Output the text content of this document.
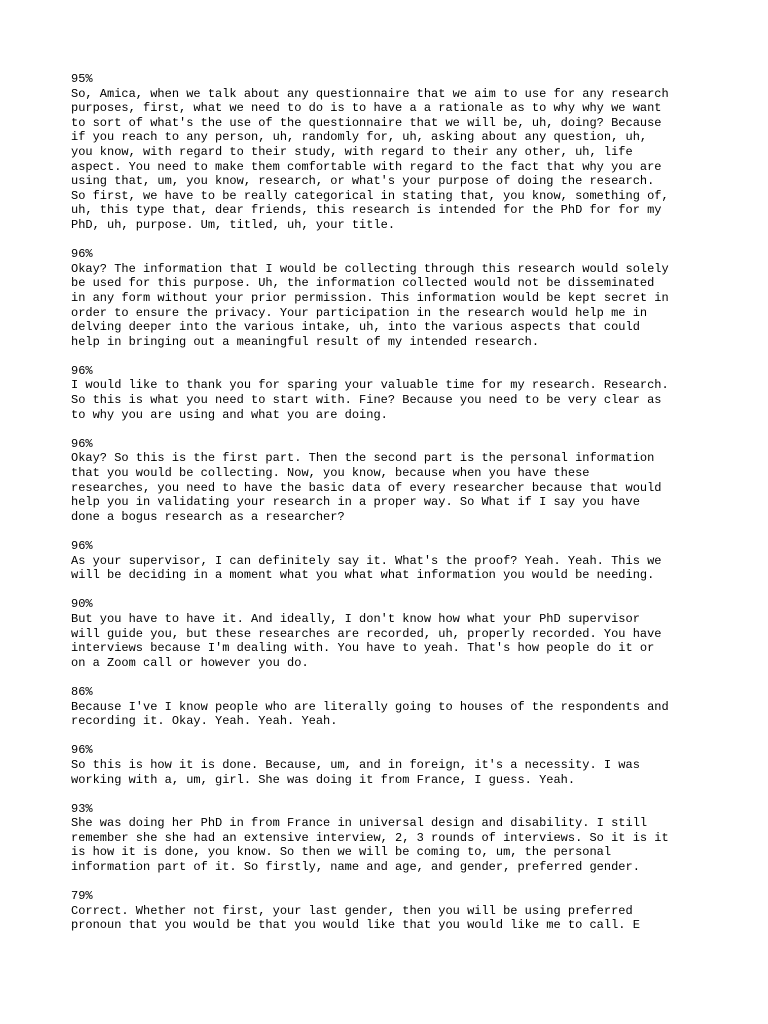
95%
So, Amica, when we talk about any questionnaire that we aim to use for any research
purposes, first, what we need to do is to have a a rationale as to why why we want
to sort of what's the use of the questionnaire that we will be, uh, doing? Because
if you reach to any person, uh, randomly for, uh, asking about any question, uh,
you know, with regard to their study, with regard to their any other, uh, life
aspect. You need to make them comfortable with regard to the fact that why you are
using that, um, you know, research, or what's your purpose of doing the research.
So first, we have to be really categorical in stating that, you know, something of,
uh, this type that, dear friends, this research is intended for the PhD for for my
PhD, uh, purpose. Um, titled, uh, your title.
96%
Okay? The information that I would be collecting through this research would solely
be used for this purpose. Uh, the information collected would not be disseminated
in any form without your prior permission. This information would be kept secret in
order to ensure the privacy. Your participation in the research would help me in
delving deeper into the various intake, uh, into the various aspects that could
help in bringing out a meaningful result of my intended research.
96%
I would like to thank you for sparing your valuable time for my research. Research.
So this is what you need to start with. Fine? Because you need to be very clear as
to why you are using and what you are doing.
96%
Okay? So this is the first part. Then the second part is the personal information
that you would be collecting. Now, you know, because when you have these
researches, you need to have the basic data of every researcher because that would
help you in validating your research in a proper way. So What if I say you have
done a bogus research as a researcher?
96%
As your supervisor, I can definitely say it. What's the proof? Yeah. Yeah. This we
will be deciding in a moment what you what what information you would be needing.
90%
But you have to have it. And ideally, I don't know how what your PhD supervisor
will guide you, but these researches are recorded, uh, properly recorded. You have
interviews because I'm dealing with. You have to yeah. That's how people do it or
on a Zoom call or however you do.
86%
Because I've I know people who are literally going to houses of the respondents and
recording it. Okay. Yeah. Yeah. Yeah.
96%
So this is how it is done. Because, um, and in foreign, it's a necessity. I was
working with a, um, girl. She was doing it from France, I guess. Yeah.
93%
She was doing her PhD in from France in universal design and disability. I still
remember she she had an extensive interview, 2, 3 rounds of interviews. So it is it
is how it is done, you know. So then we will be coming to, um, the personal
information part of it. So firstly, name and age, and gender, preferred gender.
79%
Correct. Whether not first, your last gender, then you will be using preferred
pronoun that you would be that you would like that you would like me to call. E
